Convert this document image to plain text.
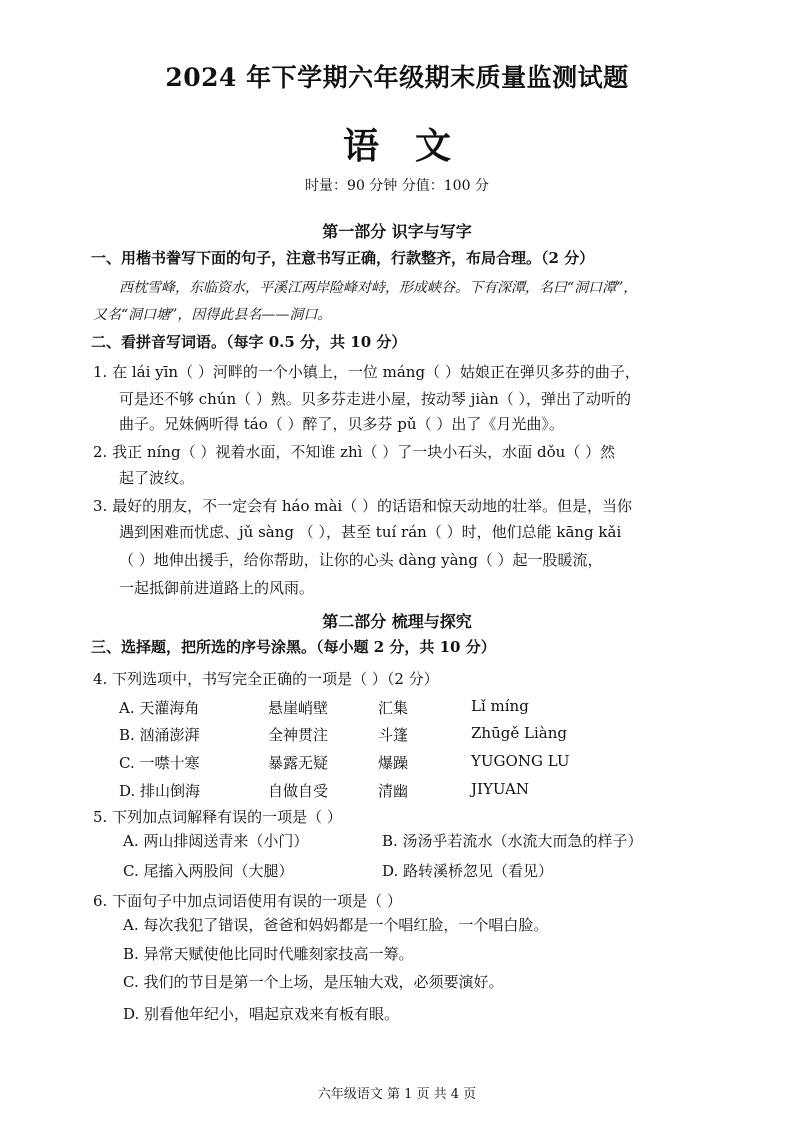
2024 年下学期六年级期末质量监测试题
语文
时量：90 分钟 分值：100 分
第一部分 识字与写字
一、用楷书誊写下面的句子，注意书写正确，行款整齐，布局合理。（2 分）
西枕雪峰，东临资水，平溪江两岸险峰对峙，形成峡谷。下有深潭，名曰“洞口潭”，
又名“洞口塘”，因得此县名——洞口。
二、看拼音写词语。（每字 0.5 分，共 10 分）
1. 在 lái yīn（ ）河畔的一个小镇上，一位 máng（ ）姑娘正在弹贝多芬的曲子，
可是还不够 chún（ ）熟。贝多芬走进小屋，按动琴 jiàn（ ），弹出了动听的
曲子。兄妹俩听得 táo（ ）醉了，贝多芬 pǔ（ ）出了《月光曲》。
2. 我正 níng（ ）视着水面，不知谁 zhì（ ）了一块小石头，水面 dǒu（ ）然
起了波纹。
3. 最好的朋友，不一定会有 háo mài（ ）的话语和惊天动地的壮举。但是，当你
遇到困难而忧虑、jǔ sàng （ ），甚至 tuí rán（ ）时，他们总能 kāng kǎi
（ ）地伸出援手，给你帮助，让你的心头 dàng yàng（ ）起一股暖流，
一起抵御前进道路上的风雨。
第二部分 梳理与探究
三、选择题，把所选的序号涂黑。（每小题 2 分，共 10 分）
4. 下列选项中，书写完全正确的一项是（ ）（2 分）
A. 天灌海角	悬崖峭壁	汇集	Lǐ míng
B. 汹涌澎湃	全神贯注	斗篷	Zhūgě Liàng
C. 一噤十寒	暴露无疑	爆躁	YUGONG LU
D. 排山倒海	自做自受	清幽	JIYUAN
5. 下列加点词解释有误的一项是（ ）
A. 两山排闼送青来（小门）	B. 汤汤乎若流水（水流大而急的样子）
C. 尾搐入两股间（大腿）	D. 路转溪桥忽见（看见）
6. 下面句子中加点词语使用有误的一项是（ ）
A. 每次我犯了错误，爸爸和妈妈都是一个唱红脸，一个唱白脸。
B. 异常天赋使他比同时代雕刻家技高一筹。
C. 我们的节目是第一个上场，是压轴大戏，必须要演好。
D. 别看他年纪小，唱起京戏来有板有眼。
六年级语文 第 1 页 共 4 页
